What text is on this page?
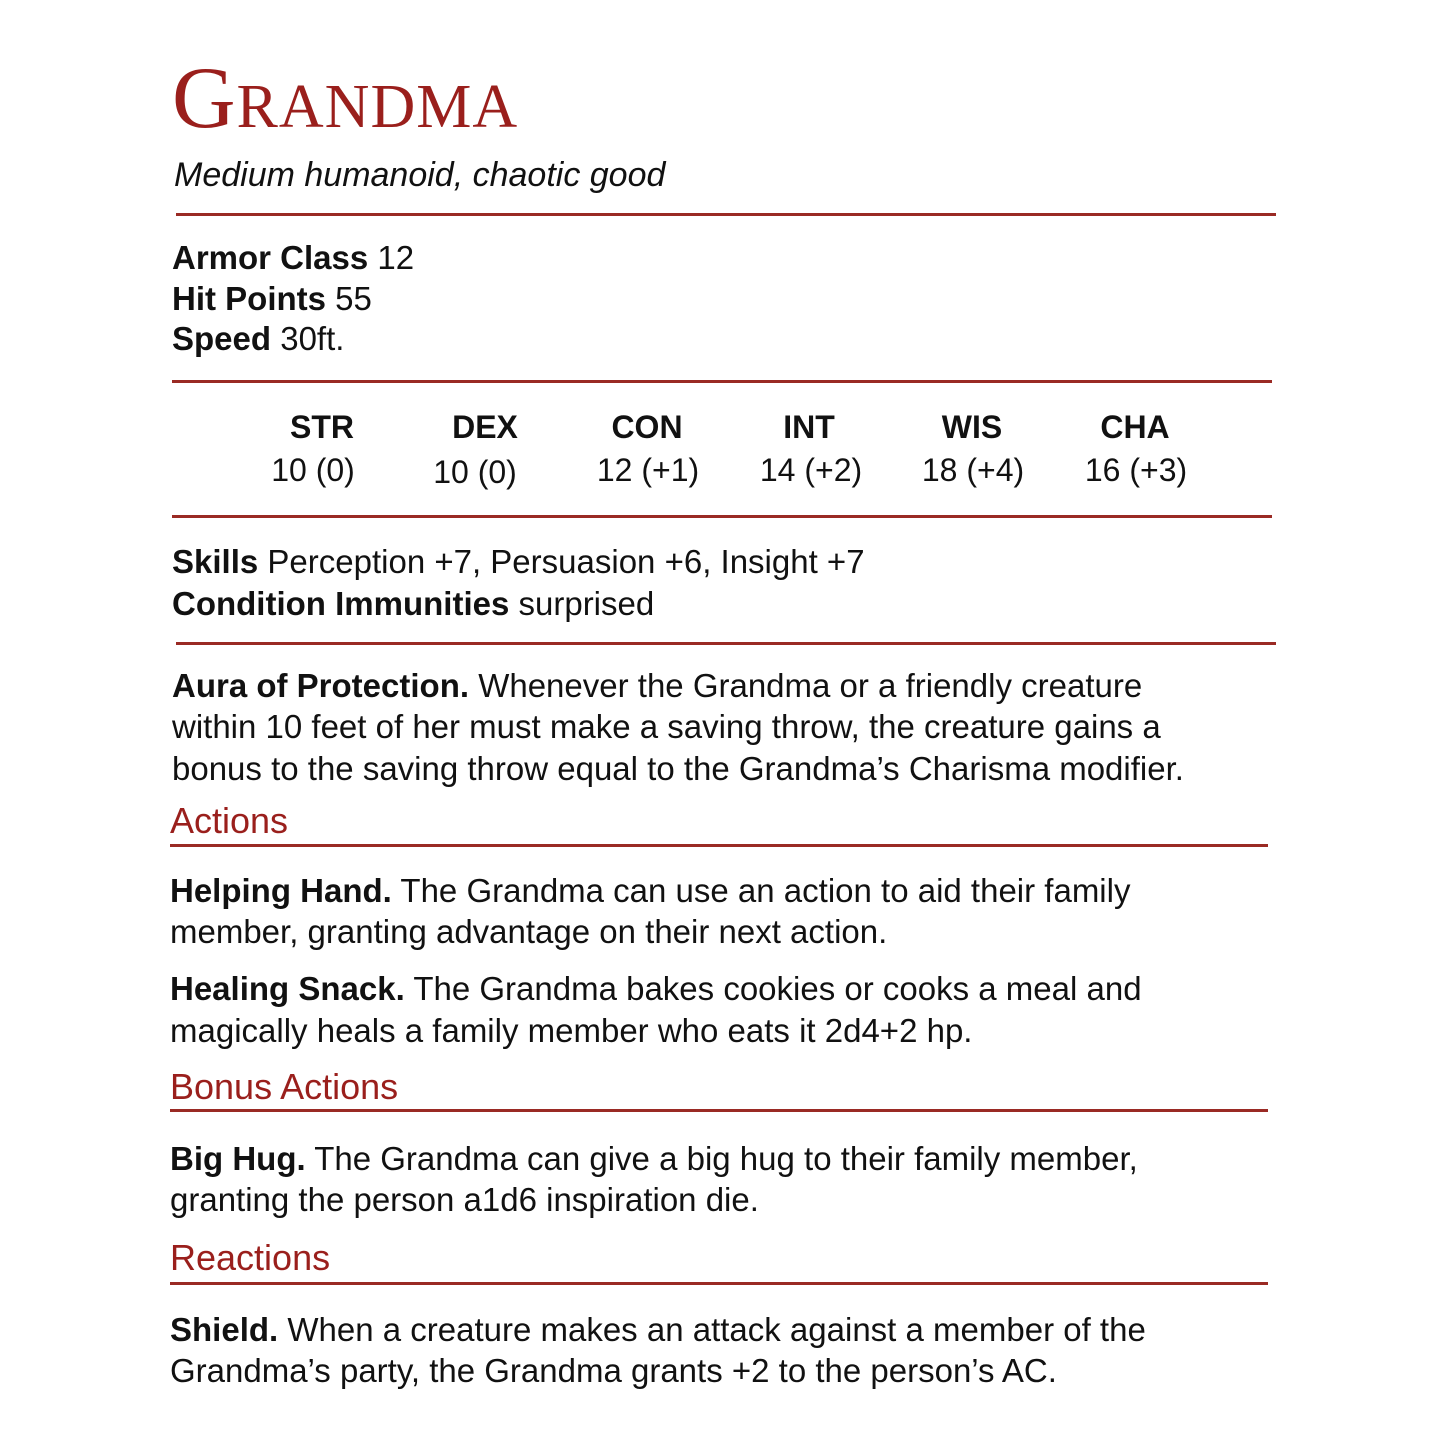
Grandma
Medium humanoid, chaotic good
Armor Class 12
Hit Points 55
Speed 30ft.
STR	DEX	CON	INT	WIS	CHA
10 (0)	10 (0)	12 (+1)	14 (+2)	18 (+4)	16 (+3)
Skills Perception +7, Persuasion +6, Insight +7
Condition Immunities surprised
Aura of Protection. Whenever the Grandma or a friendly creature
within 10 feet of her must make a saving throw, the creature gains a
bonus to the saving throw equal to the Grandma’s Charisma modifier.
Actions
Helping Hand. The Grandma can use an action to aid their family
member, granting advantage on their next action.
Healing Snack. The Grandma bakes cookies or cooks a meal and
magically heals a family member who eats it 2d4+2 hp.
Bonus Actions
Big Hug. The Grandma can give a big hug to their family member,
granting the person a1d6 inspiration die.
Reactions
Shield. When a creature makes an attack against a member of the
Grandma’s party, the Grandma grants +2 to the person’s AC.
